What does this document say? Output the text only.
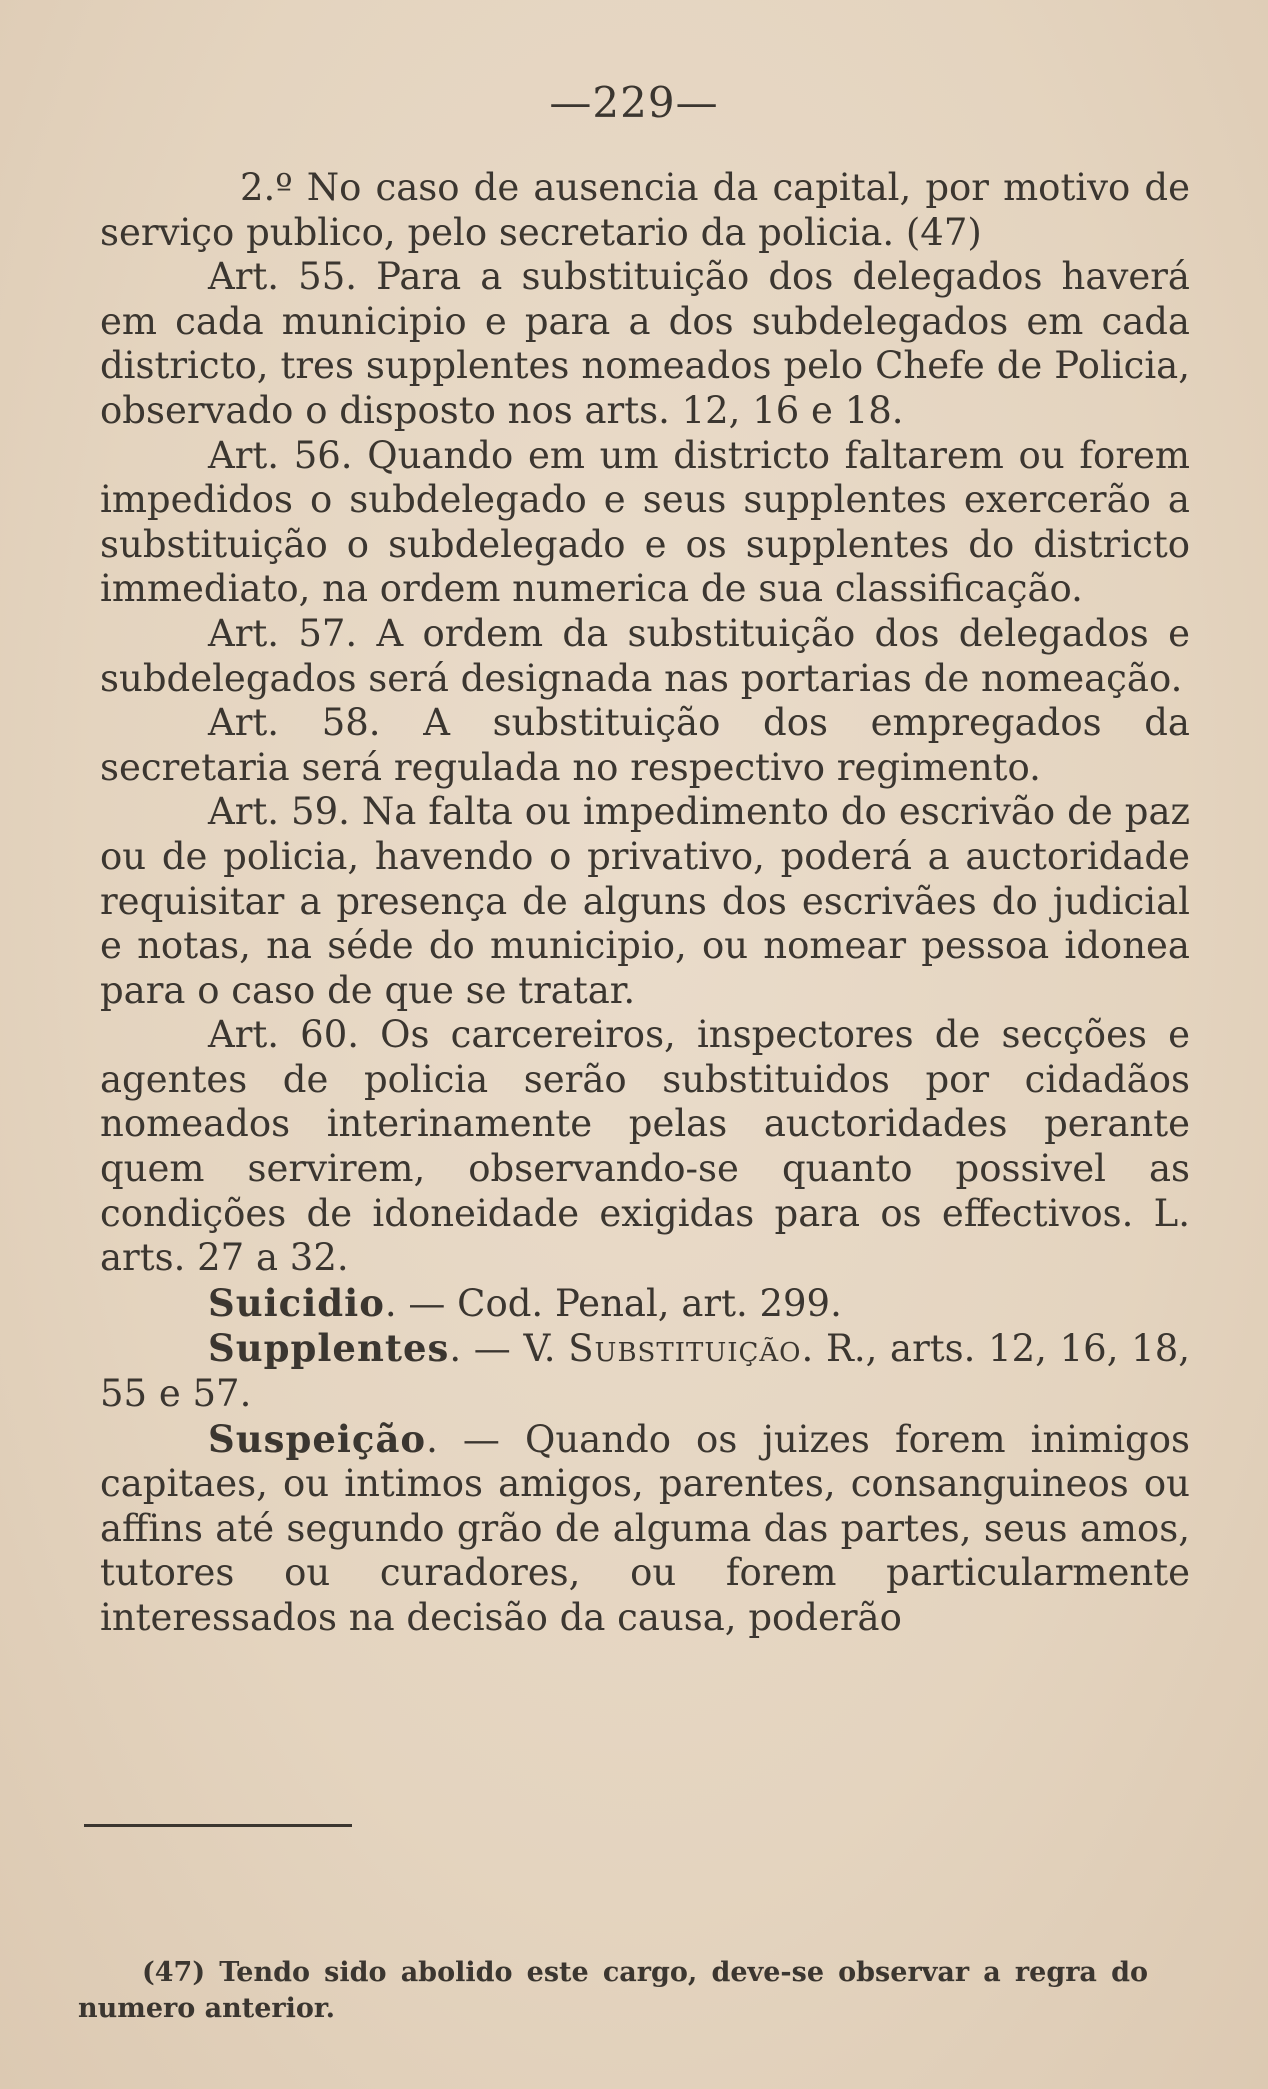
—229—

2.º No caso de ausencia da capital, por motivo de serviço publico, pelo secretario da policia. (47)

Art. 55. Para a substituição dos delegados haverá em cada municipio e para a dos subdelegados em cada districto, tres supplentes nomeados pelo Chefe de Policia, observado o disposto nos arts. 12, 16 e 18.

Art. 56. Quando em um districto faltarem ou forem impedidos o subdelegado e seus supplentes exercerão a substituição o subdelegado e os supplentes do districto immediato, na ordem numerica de sua classificação.

Art. 57. A ordem da substituição dos delegados e subdelegados será designada nas portarias de nomeação.

Art. 58. A substituição dos empregados da secretaria será regulada no respectivo regimento.

Art. 59. Na falta ou impedimento do escrivão de paz ou de policia, havendo o privativo, poderá a auctoridade requisitar a presença de alguns dos escrivães do judicial e notas, na séde do municipio, ou nomear pessoa idonea para o caso de que se tratar.

Art. 60. Os carcereiros, inspectores de secções e agentes de policia serão substituidos por cidadãos nomeados interinamente pelas auctoridades perante quem servirem, observando-se quanto possivel as condições de idoneidade exigidas para os effectivos. L. arts. 27 a 32.

Suicidio. — Cod. Penal, art. 299.

Supplentes. — V. Substituição. R., arts. 12, 16, 18, 55 e 57.

Suspeição. — Quando os juizes forem inimigos capitaes, ou intimos amigos, parentes, consanguineos ou affins até segundo grão de alguma das partes, seus amos, tutores ou curadores, ou forem particularmente interessados na decisão da causa, poderão

(47) Tendo sido abolido este cargo, deve-se observar a regra do numero anterior.
